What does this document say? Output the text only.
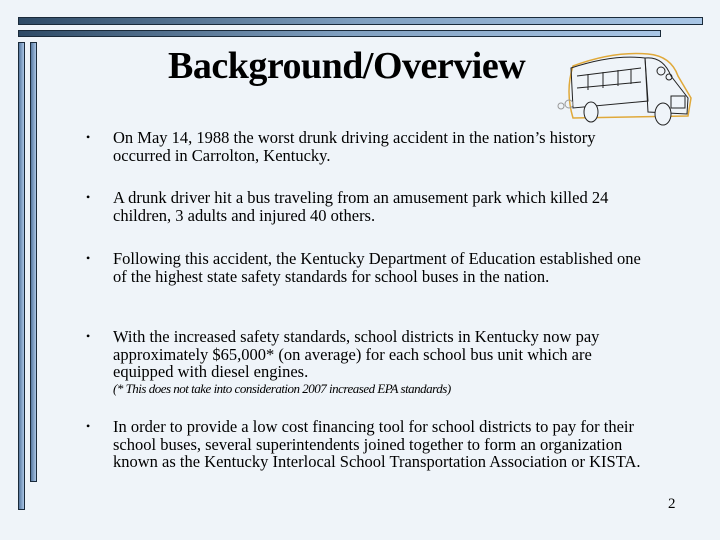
Background/Overview
• On May 14, 1988 the worst drunk driving accident in the nation’s history occurred in Carrolton, Kentucky.
• A drunk driver hit a bus traveling from an amusement park which killed 24 children, 3 adults and injured 40 others.
• Following this accident, the Kentucky Department of Education established one of the highest state safety standards for school buses in the nation.
• With the increased safety standards, school districts in Kentucky now pay approximately $65,000* (on average) for each school bus unit which are equipped with diesel engines.
(* This does not take into consideration 2007 increased EPA standards)
• In order to provide a low cost financing tool for school districts to pay for their school buses, several superintendents joined together to form an organization known as the Kentucky Interlocal School Transportation Association or KISTA.
2
